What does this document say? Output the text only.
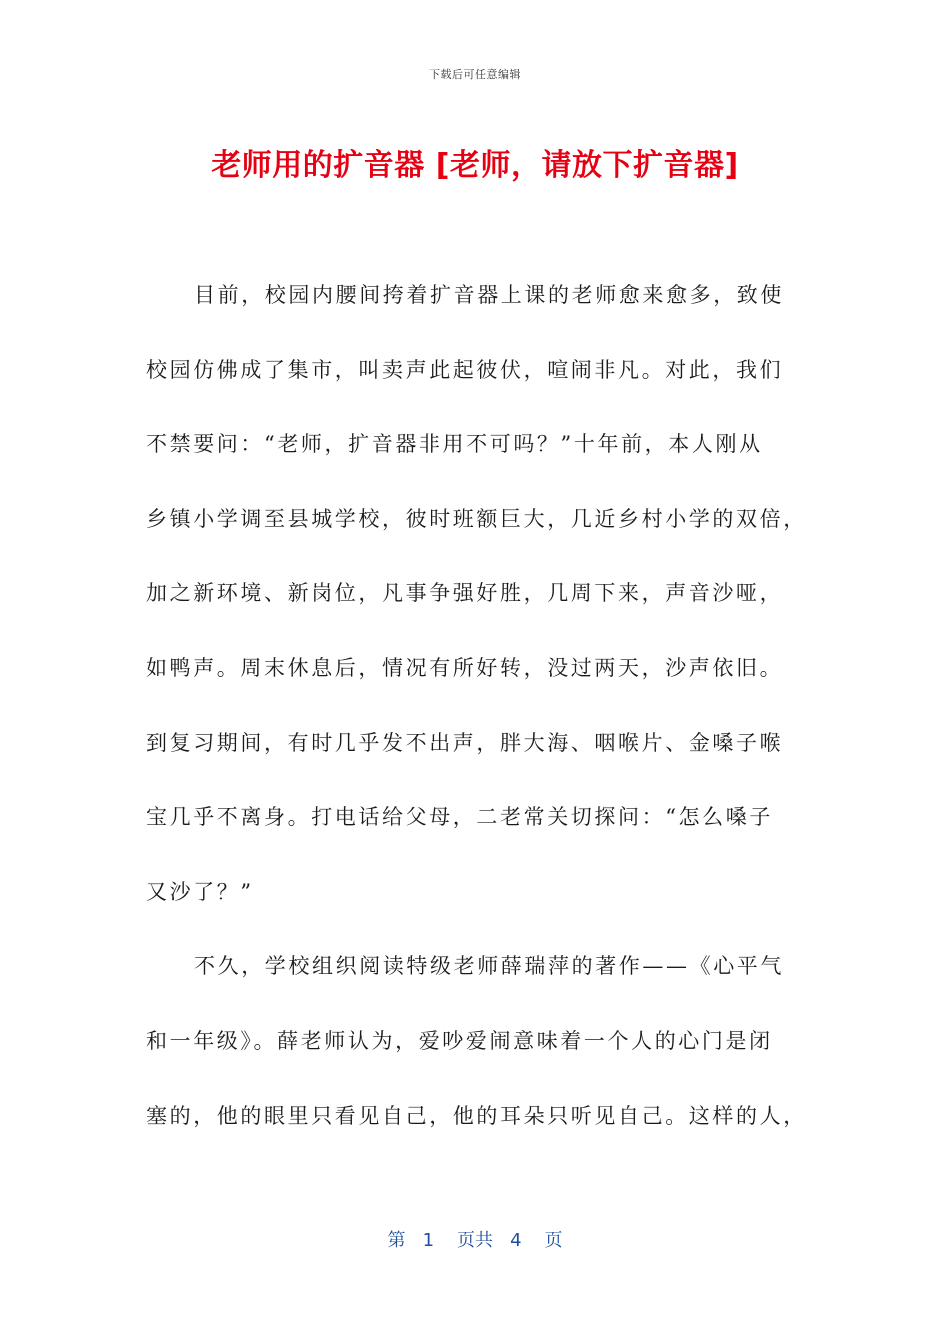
下载后可任意编辑
老师用的扩音器 [老师，请放下扩音器]
目前，校园内腰间挎着扩音器上课的老师愈来愈多，致使
校园仿佛成了集市，叫卖声此起彼伏，喧闹非凡。对此，我们
不禁要问：“老师，扩音器非用不可吗？”十年前，本人刚从
乡镇小学调至县城学校，彼时班额巨大，几近乡村小学的双倍，
加之新环境、新岗位，凡事争强好胜，几周下来，声音沙哑，
如鸭声。周末休息后，情况有所好转，没过两天，沙声依旧。
到复习期间，有时几乎发不出声，胖大海、咽喉片、金嗓子喉
宝几乎不离身。打电话给父母，二老常关切探问：“怎么嗓子
又沙了？”
不久，学校组织阅读特级老师薛瑞萍的著作——《心平气
和一年级》。薛老师认为，爱吵爱闹意味着一个人的心门是闭
塞的，他的眼里只看见自己，他的耳朵只听见自己。这样的人，
第 1 页共 4 页
